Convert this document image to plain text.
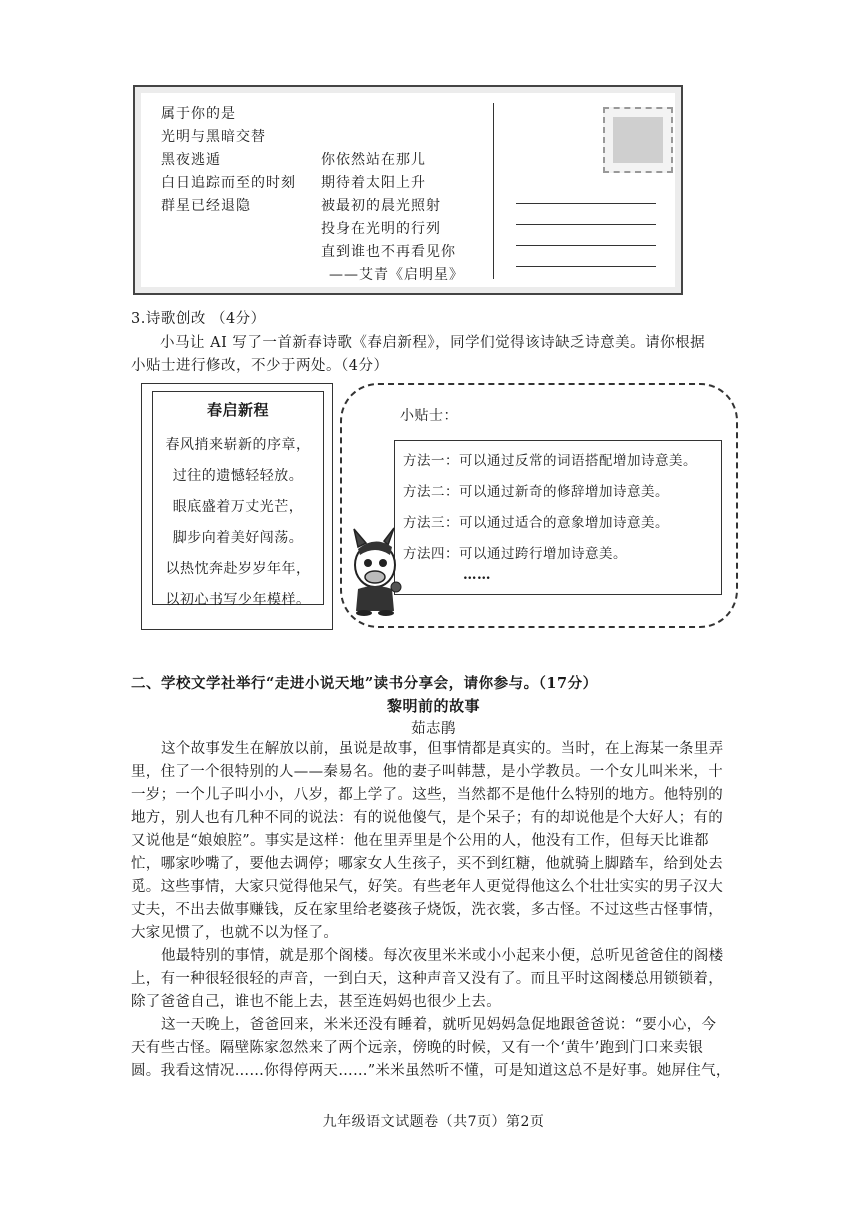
属于你的是
光明与黑暗交替
黑夜逃遁
白日追踪而至的时刻
群星已经退隐
你依然站在那儿
期待着太阳上升
被最初的晨光照射
投身在光明的行列
直到谁也不再看见你
——艾青《启明星》
3.诗歌创改 （4分）
小马让 AI 写了一首新春诗歌《春启新程》，同学们觉得该诗缺乏诗意美。请你根据
小贴士进行修改，不少于两处。（4分）
春启新程
春风捎来崭新的序章，
过往的遗憾轻轻放。
眼底盛着万丈光芒，
脚步向着美好闯荡。
以热忱奔赴岁岁年年，
以初心书写少年模样。
小贴士：
方法一：可以通过反常的词语搭配增加诗意美。
方法二：可以通过新奇的修辞增加诗意美。
方法三：可以通过适合的意象增加诗意美。
方法四：可以通过跨行增加诗意美。
……
二、学校文学社举行“走进小说天地”读书分享会，请你参与。（17分）
黎明前的故事
茹志鹃
这个故事发生在解放以前，虽说是故事，但事情都是真实的。当时，在上海某一条里弄
里，住了一个很特别的人——秦易名。他的妻子叫韩慧，是小学教员。一个女儿叫米米，十
一岁；一个儿子叫小小，八岁，都上学了。这些，当然都不是他什么特别的地方。他特别的
地方，别人也有几种不同的说法：有的说他傻气，是个呆子；有的却说他是个大好人；有的
又说他是“娘娘腔”。事实是这样：他在里弄里是个公用的人，他没有工作，但每天比谁都
忙，哪家吵嘴了，要他去调停；哪家女人生孩子，买不到红糖，他就骑上脚踏车，给到处去
觅。这些事情，大家只觉得他呆气，好笑。有些老年人更觉得他这么个壮壮实实的男子汉大
丈夫，不出去做事赚钱，反在家里给老婆孩子烧饭，洗衣裳，多古怪。不过这些古怪事情，
大家见惯了，也就不以为怪了。
他最特别的事情，就是那个阁楼。每次夜里米米或小小起来小便，总听见爸爸住的阁楼
上，有一种很轻很轻的声音，一到白天，这种声音又没有了。而且平时这阁楼总用锁锁着，
除了爸爸自己，谁也不能上去，甚至连妈妈也很少上去。
这一天晚上，爸爸回来，米米还没有睡着，就听见妈妈急促地跟爸爸说：“要小心，今
天有些古怪。隔壁陈家忽然来了两个远亲，傍晚的时候，又有一个‘黄牛’跑到门口来卖银
圆。我看这情况……你得停两天……”米米虽然听不懂，可是知道这总不是好事。她屏住气，
九年级语文试题卷（共7页）第2页
